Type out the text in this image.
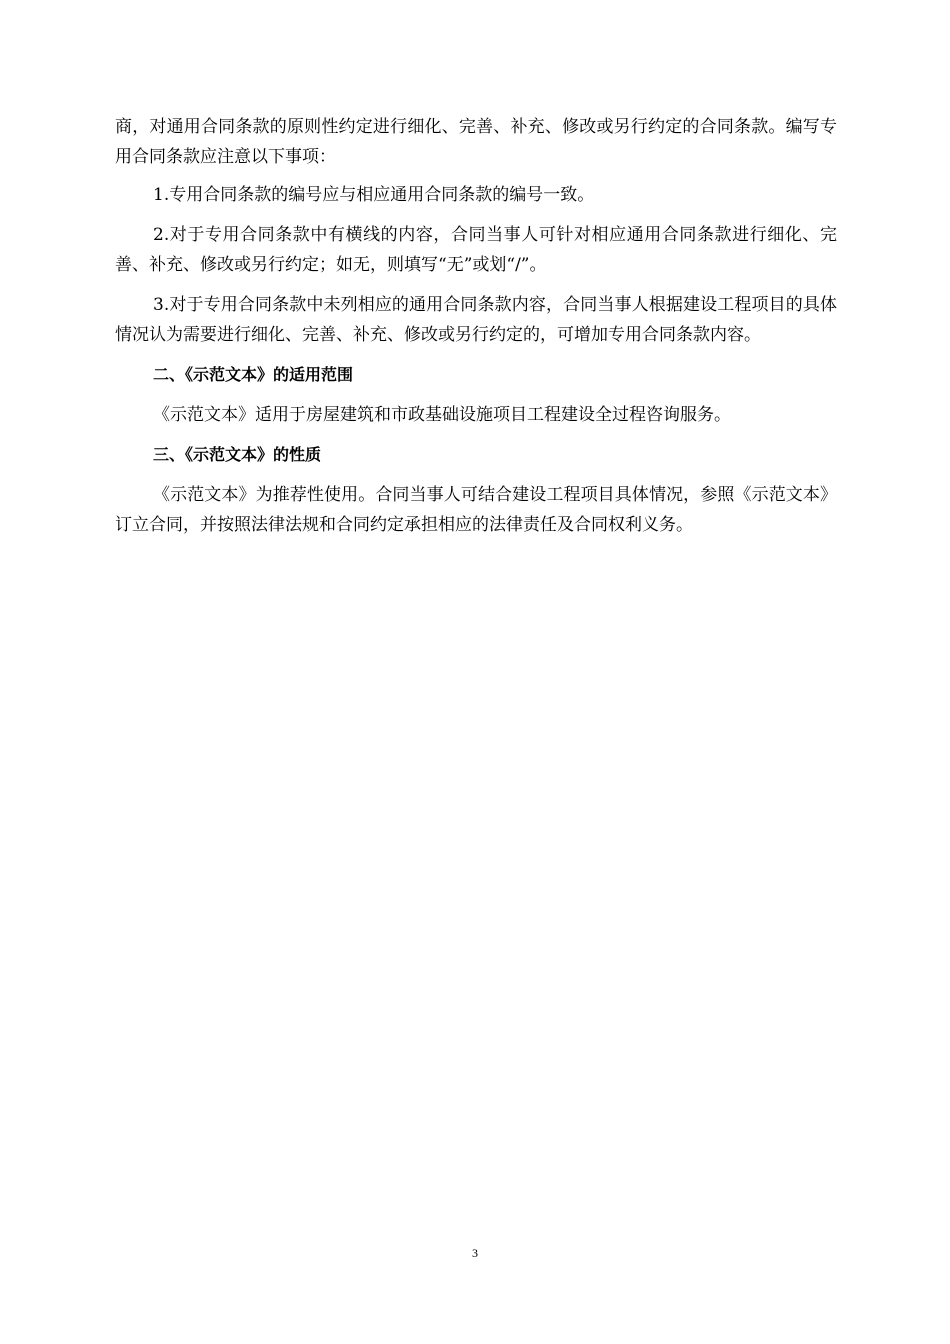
商，对通用合同条款的原则性约定进行细化、完善、补充、修改或另行约定的合同条款。编写专用合同条款应注意以下事项：

1.专用合同条款的编号应与相应通用合同条款的编号一致。

2.对于专用合同条款中有横线的内容，合同当事人可针对相应通用合同条款进行细化、完善、补充、修改或另行约定；如无，则填写“无”或划“/”。

3.对于专用合同条款中未列相应的通用合同条款内容，合同当事人根据建设工程项目的具体情况认为需要进行细化、完善、补充、修改或另行约定的，可增加专用合同条款内容。

二、《示范文本》的适用范围

《示范文本》适用于房屋建筑和市政基础设施项目工程建设全过程咨询服务。

三、《示范文本》的性质

《示范文本》为推荐性使用。合同当事人可结合建设工程项目具体情况，参照《示范文本》订立合同，并按照法律法规和合同约定承担相应的法律责任及合同权利义务。

3
